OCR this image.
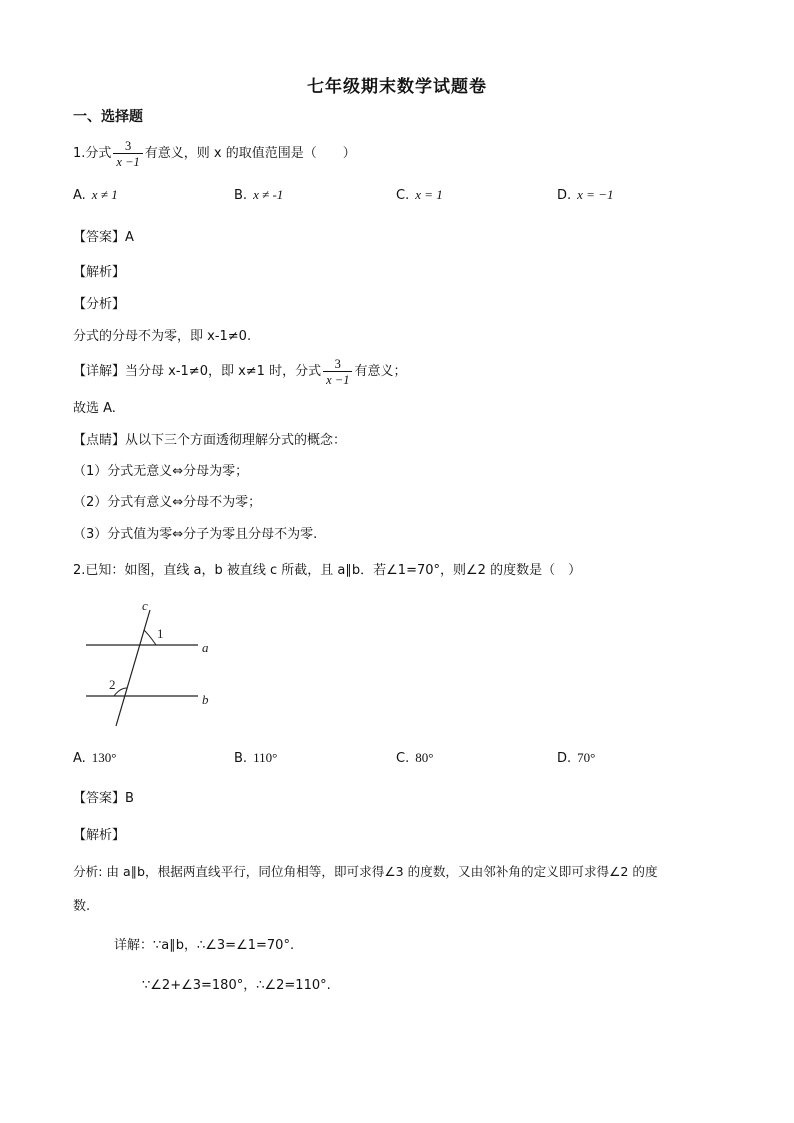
七年级期末数学试题卷
一、选择题
1.分式 $\frac{3}{x -1}$ 有意义，则 x 的取值范围是（　　）
A. x ≠ 1	B. x ≠ -1	C. x = 1	D. x = −1
【答案】A
【解析】
【分析】
分式的分母不为零，即 x-1≠0.
【详解】当分母 x-1≠0，即 x≠1 时，分式 $\frac{3}{x -1}$ 有意义；
故选 A.
【点睛】从以下三个方面透彻理解分式的概念：
（1）分式无意义⇔分母为零；
（2）分式有意义⇔分母不为零；
（3）分式值为零⇔分子为零且分母不为零.
2.已知：如图，直线 a，b 被直线 c 所截，且 a∥b．若∠1=70°，则∠2 的度数是（　）
c
a
b
1
2
A. 130°	B. 110°	C. 80°	D. 70°
【答案】B
【解析】
分析: 由 a∥b，根据两直线平行，同位角相等，即可求得∠3 的度数，又由邻补角的定义即可求得∠2 的度
数.
详解：∵a∥b，∴∠3=∠1=70°.
∵∠2+∠3=180°，∴∠2=110°.
